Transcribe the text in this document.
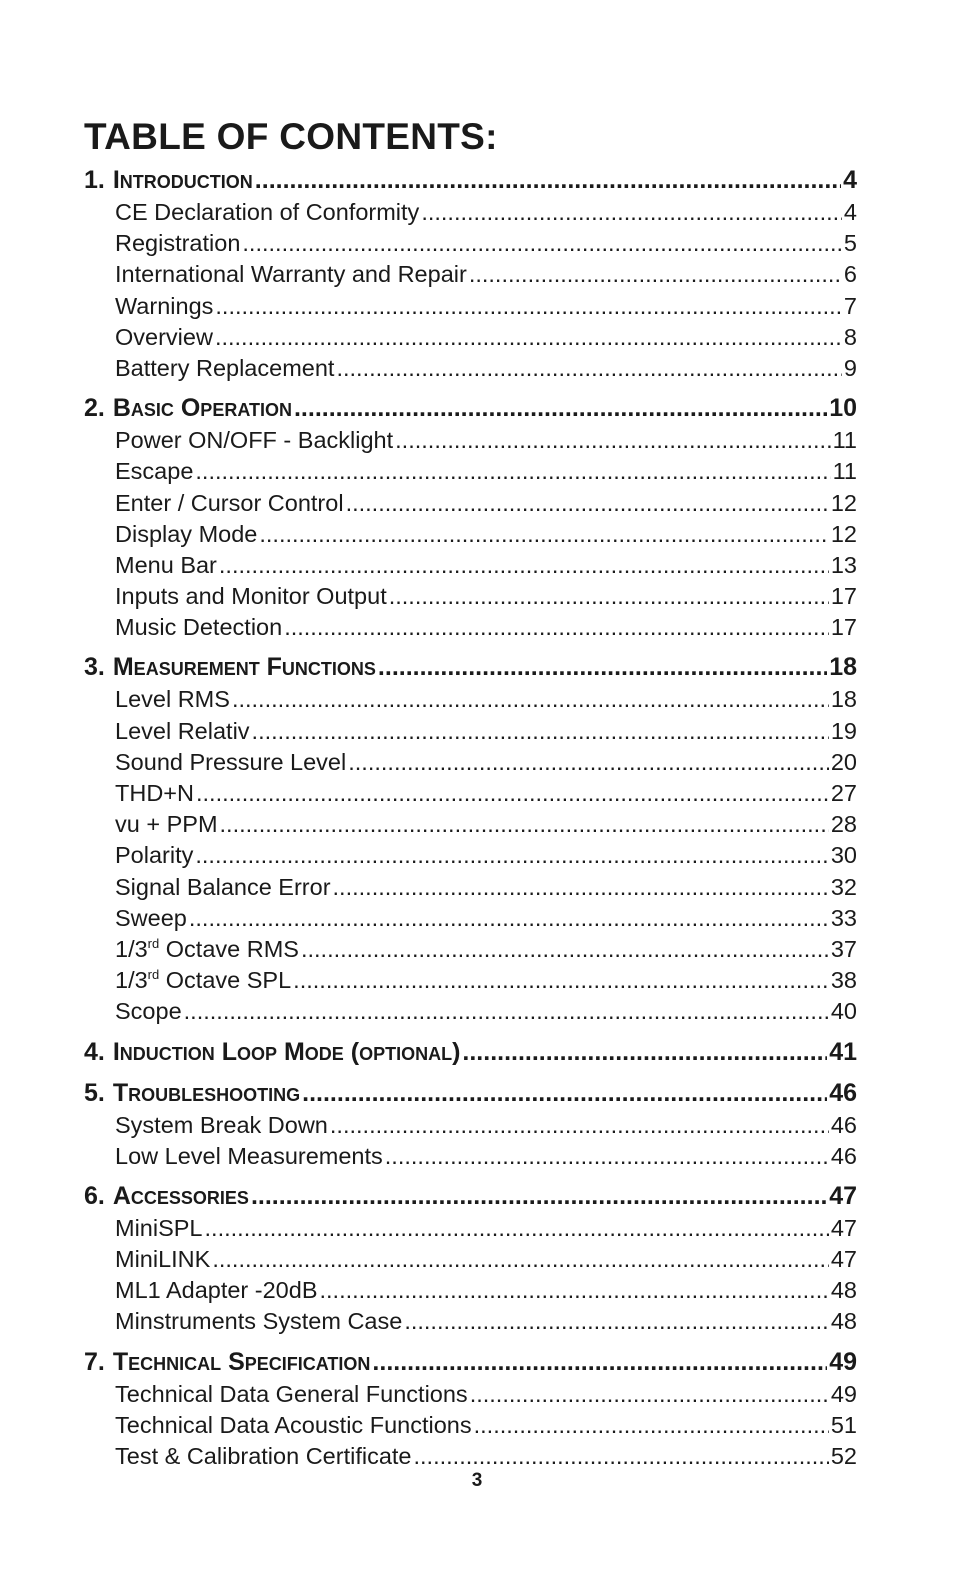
TABLE OF CONTENTS:
1. Introduction .....	4
CE Declaration of Conformity .....	4
Registration .....	5
International Warranty and Repair .....	6
Warnings .....	7
Overview .....	8
Battery Replacement .....	9
2. Basic Operation .....	10
Power ON/OFF - Backlight .....	11
Escape .....	11
Enter / Cursor Control .....	12
Display Mode .....	12
Menu Bar .....	13
Inputs and Monitor Output .....	17
Music Detection .....	17
3. Measurement Functions .....	18
Level RMS .....	18
Level Relativ .....	19
Sound Pressure Level .....	20
THD+N .....	27
vu + PPM .....	28
Polarity .....	30
Signal Balance Error .....	32
Sweep .....	33
1/3rd Octave RMS .....	37
1/3rd Octave SPL .....	38
Scope .....	40
4. Induction Loop Mode (optional) .....	41
5. Troubleshooting .....	46
System Break Down .....	46
Low Level Measurements .....	46
6. Accessories .....	47
MiniSPL .....	47
MiniLINK .....	47
ML1 Adapter -20dB .....	48
Minstruments System Case .....	48
7. Technical Specification .....	49
Technical Data General Functions .....	49
Technical Data Acoustic Functions .....	51
Test & Calibration Certificate .....	52
3
